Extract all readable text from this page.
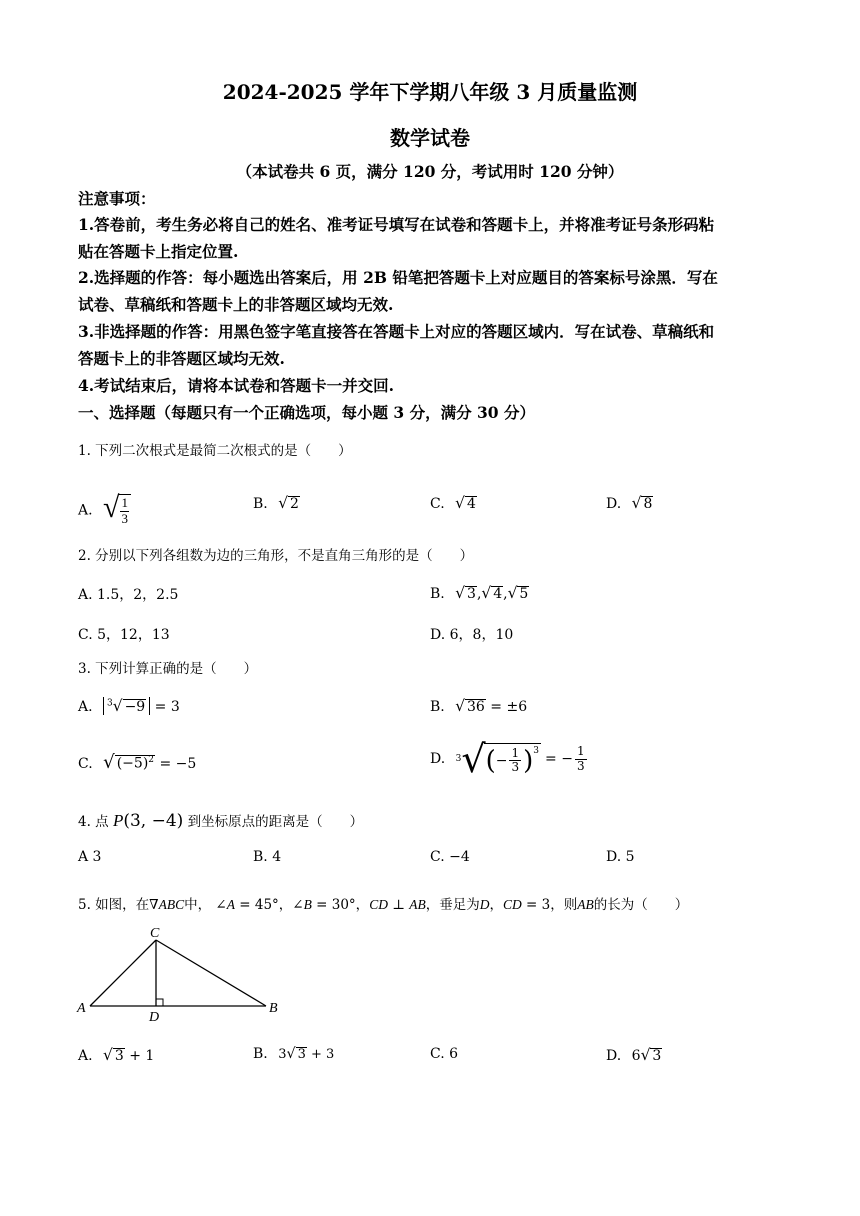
2024-2025 学年下学期八年级 3 月质量监测
数学试卷
（本试卷共 6 页，满分 120 分，考试用时 120 分钟）
注意事项：
1.答卷前，考生务必将自己的姓名、准考证号填写在试卷和答题卡上，并将准考证号条形码粘
贴在答题卡上指定位置.
2.选择题的作答：每小题选出答案后，用 2B 铅笔把答题卡上对应题目的答案标号涂黑．写在
试卷、草稿纸和答题卡上的非答题区域均无效.
3.非选择题的作答：用黑色签字笔直接答在答题卡上对应的答题区域内．写在试卷、草稿纸和
答题卡上的非答题区域均无效.
4.考试结束后，请将本试卷和答题卡一并交回.
一、选择题（每题只有一个正确选项，每小题 3 分，满分 30 分）
1. 下列二次根式是最简二次根式的是（　　）
A. √ 1
3
B. √ 2	C. √ 4	D. √ 8
2. 分别以下列各组数为边的三角形，不是直角三角形的是（　　）
A. 1.5，2，2.5	B. √ 3,√ 4,√ 5
C. 5，12，13	D. 6，8，10
3. 下列计算正确的是（　　）
A. $^3$√ −9 = 3	B. √ 36 = ±6
C. √ $(-5)^2 = -5$	D. 3 √ ( − $\frac{1}{3} )^3$
= − $\frac{1}{3}$
4. 点 P(3, −4) 到坐标原点的距离是（　　）
A 3	B. 4	C. −4	D. 5
5. 如图，在∇ABC中， ∠A = 45°，∠B = 30°，CD ⊥ AB，垂足为D，CD = 3，则AB的长为（　　）
C
A
D
B
A. √ 3 + 1	B. 3√ 3 + 3	C. 6	D. 6√ 3
